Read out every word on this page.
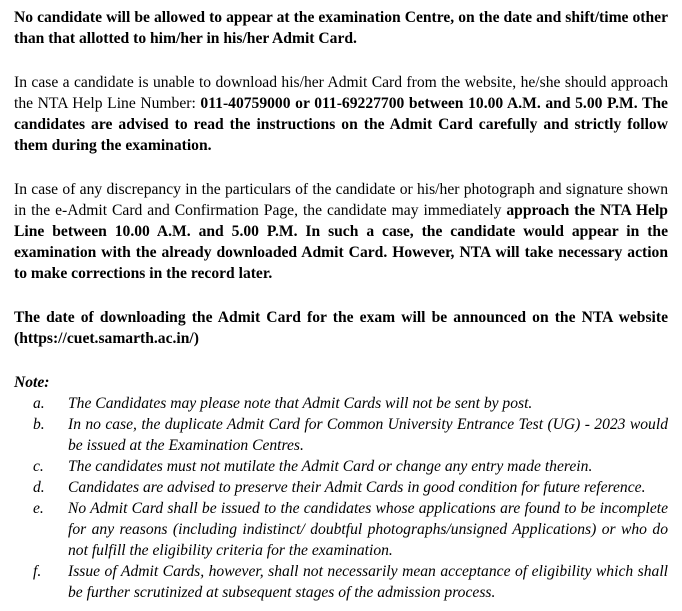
No candidate will be allowed to appear at the examination Centre, on the date and shift/time other than that allotted to him/her in his/her Admit Card.

In case a candidate is unable to download his/her Admit Card from the website, he/she should approach the NTA Help Line Number: 011-40759000 or 011-69227700 between 10.00 A.M. and 5.00 P.M. The candidates are advised to read the instructions on the Admit Card carefully and strictly follow them during the examination.

In case of any discrepancy in the particulars of the candidate or his/her photograph and signature shown in the e-Admit Card and Confirmation Page, the candidate may immediately approach the NTA Help Line between 10.00 A.M. and 5.00 P.M. In such a case, the candidate would appear in the examination with the already downloaded Admit Card. However, NTA will take necessary action to make corrections in the record later.

The date of downloading the Admit Card for the exam will be announced on the NTA website (https://cuet.samarth.ac.in/)

Note:

a.	The Candidates may please note that Admit Cards will not be sent by post.
b.	In no case, the duplicate Admit Card for Common University Entrance Test (UG) - 2023 would be issued at the Examination Centres.
c.	The candidates must not mutilate the Admit Card or change any entry made therein.
d.	Candidates are advised to preserve their Admit Cards in good condition for future reference.
e.	No Admit Card shall be issued to the candidates whose applications are found to be incomplete for any reasons (including indistinct/ doubtful photographs/unsigned Applications) or who do not fulfill the eligibility criteria for the examination.
f.	Issue of Admit Cards, however, shall not necessarily mean acceptance of eligibility which shall be further scrutinized at subsequent stages of the admission process.
